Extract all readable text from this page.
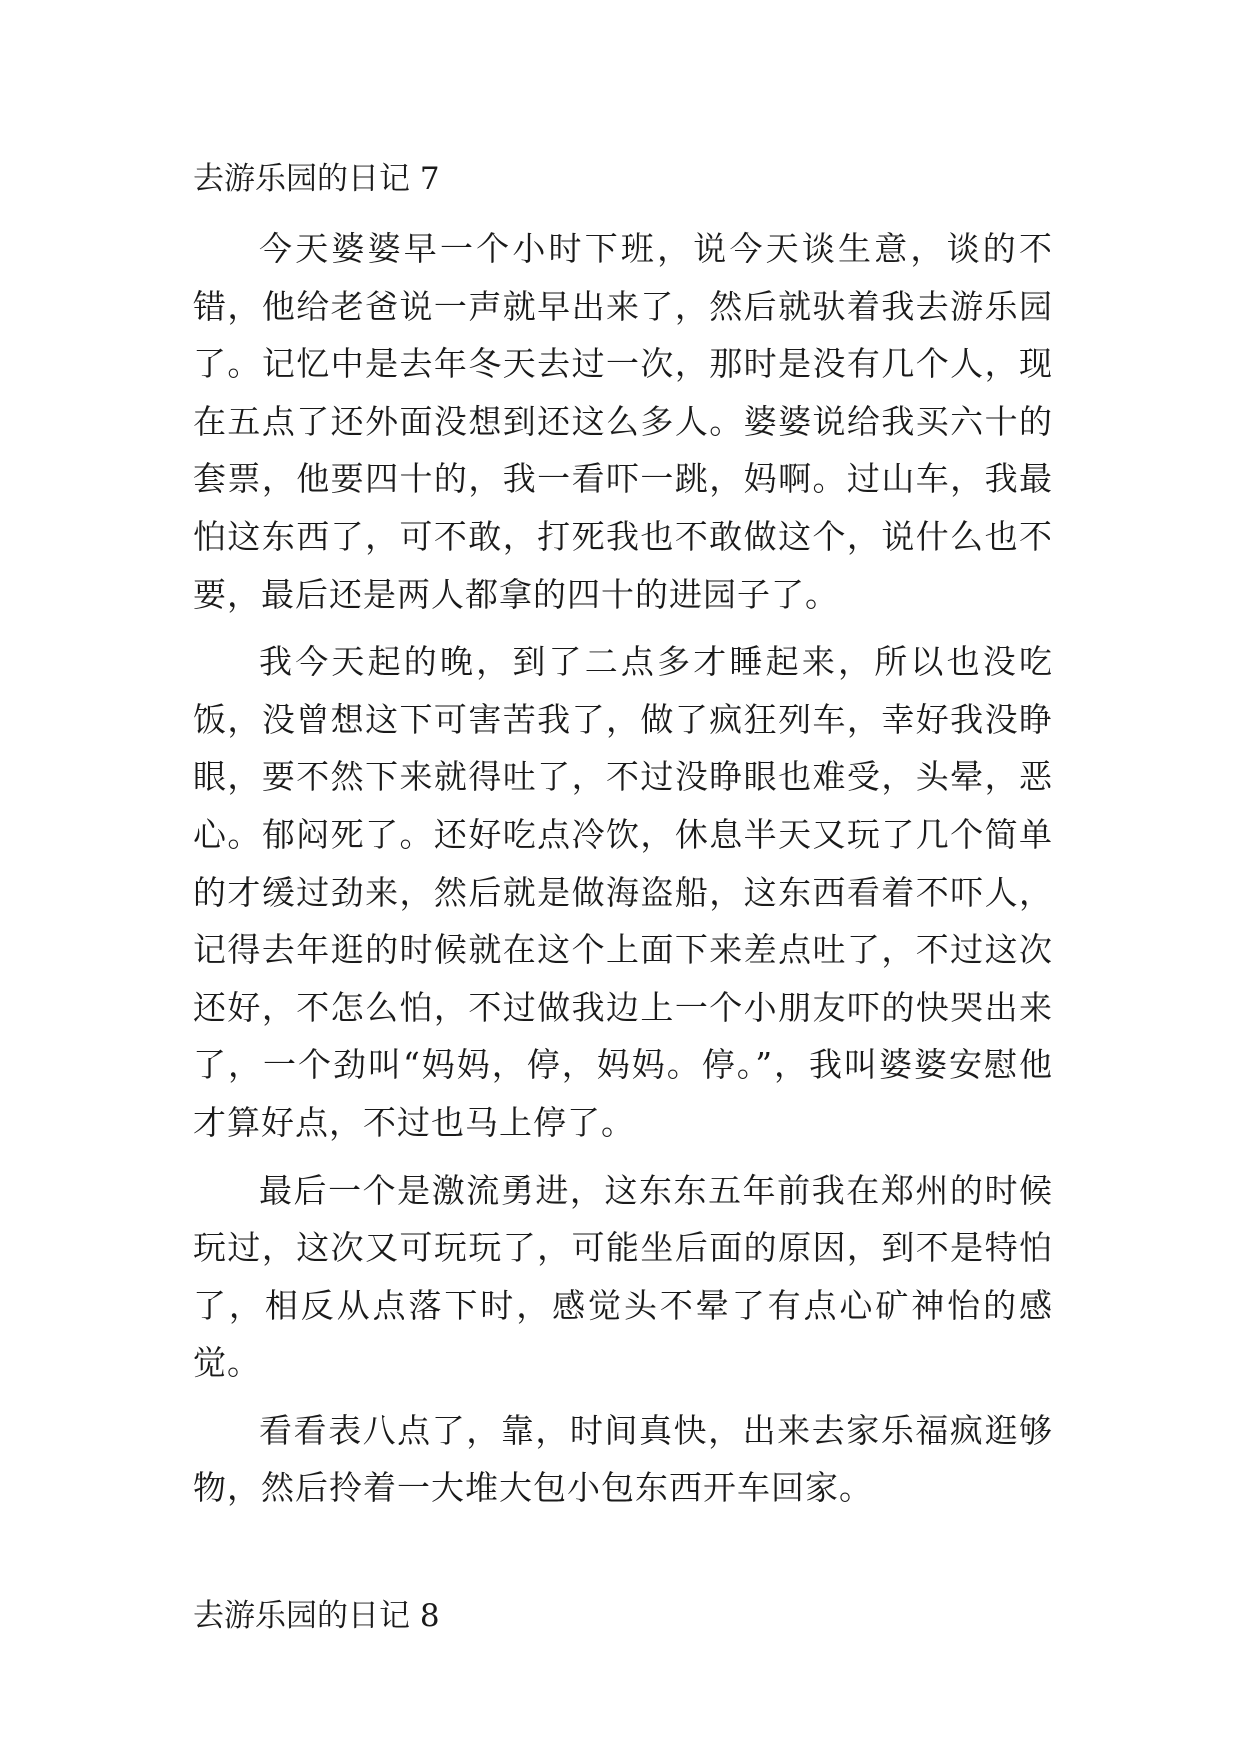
去游乐园的日记 7

今天婆婆早一个小时下班，说今天谈生意，谈的不错，他给老爸说一声就早出来了，然后就驮着我去游乐园了。记忆中是去年冬天去过一次，那时是没有几个人，现在五点了还外面没想到还这么多人。婆婆说给我买六十的套票，他要四十的，我一看吓一跳，妈啊。过山车，我最怕这东西了，可不敢，打死我也不敢做这个，说什么也不要，最后还是两人都拿的四十的进园子了。

我今天起的晚，到了二点多才睡起来，所以也没吃饭，没曾想这下可害苦我了，做了疯狂列车，幸好我没睁眼，要不然下来就得吐了，不过没睁眼也难受，头晕，恶心。郁闷死了。还好吃点冷饮，休息半天又玩了几个简单的才缓过劲来，然后就是做海盗船，这东西看着不吓人，记得去年逛的时候就在这个上面下来差点吐了，不过这次还好，不怎么怕，不过做我边上一个小朋友吓的快哭出来了，一个劲叫“妈妈，停，妈妈。停。”，我叫婆婆安慰他才算好点，不过也马上停了。

最后一个是激流勇进，这东东五年前我在郑州的时候玩过，这次又可玩玩了，可能坐后面的原因，到不是特怕了，相反从点落下时，感觉头不晕了有点心矿神怡的感觉。

看看表八点了，靠，时间真快，出来去家乐福疯逛够物，然后拎着一大堆大包小包东西开车回家。

去游乐园的日记 8
